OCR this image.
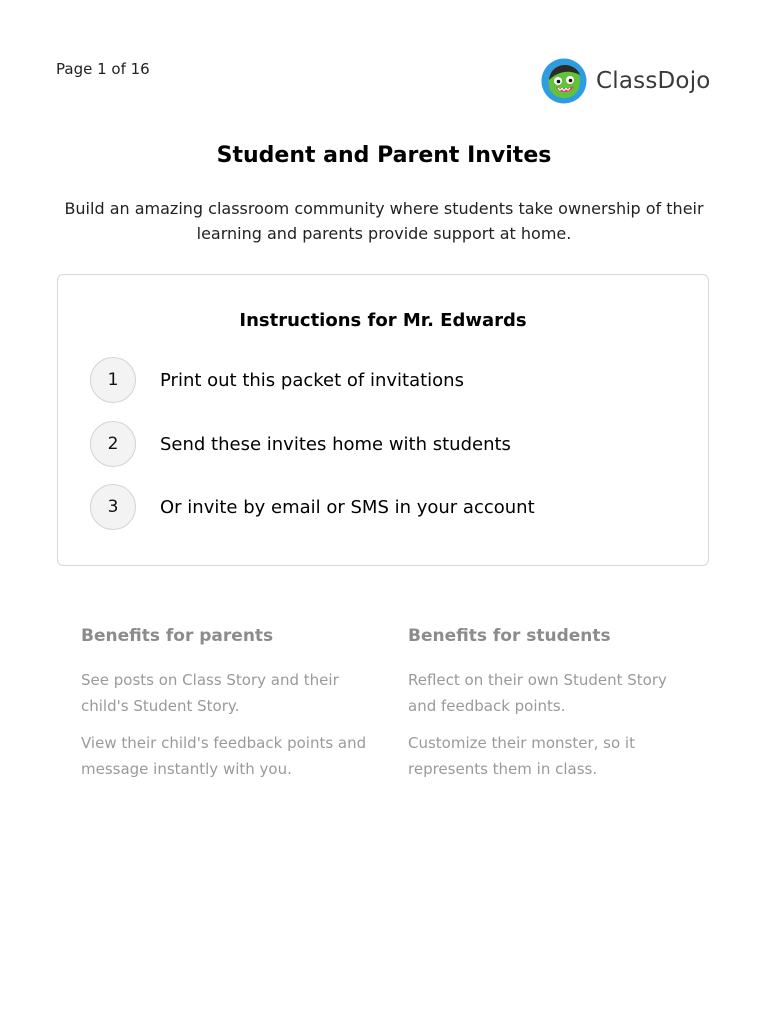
Page 1 of 16	ClassDojo
Student and Parent Invites

Build an amazing classroom community where students take ownership of their learning and parents provide support at home.

Instructions for Mr. Edwards
1	Print out this packet of invitations
2	Send these invites home with students
3	Or invite by email or SMS in your account
Benefits for parents

See posts on Class Story and their child's Student Story.

View their child's feedback points and message instantly with you.

Benefits for students

Reflect on their own Student Story and feedback points.

Customize their monster, so it represents them in class.
